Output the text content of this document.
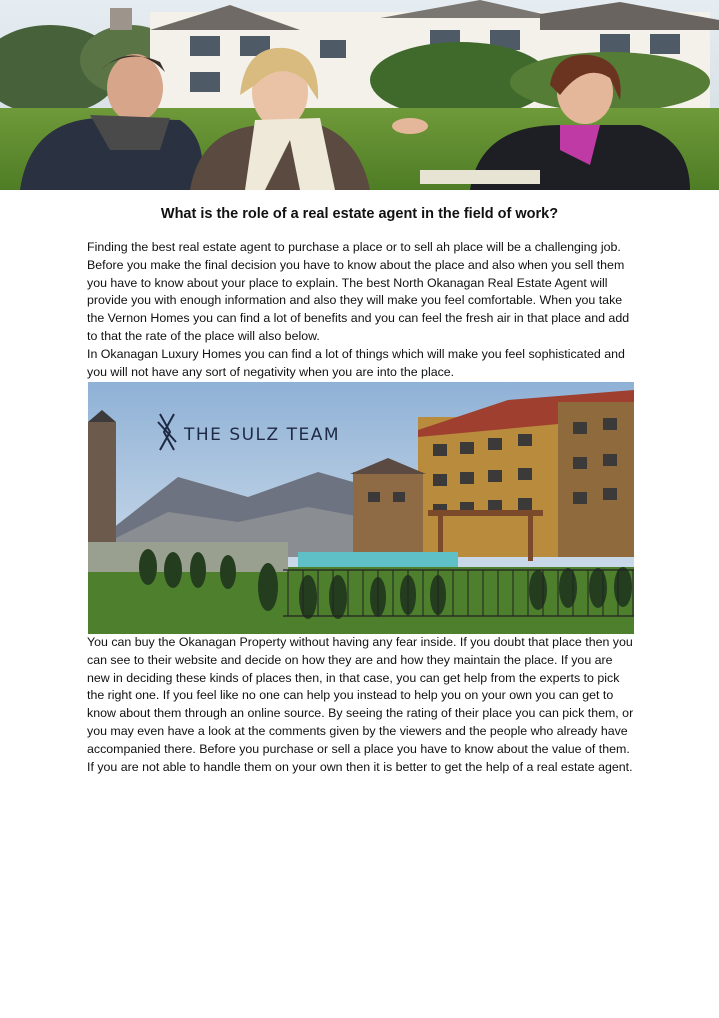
What is the role of a real estate agent in the field of work?

Finding the best real estate agent to purchase a place or to sell ah place will be a challenging job. Before you make the final decision you have to know about the place and also when you sell them you have to know about your place to explain. The best North Okanagan Real Estate Agent will provide you with enough information and also they will make you feel comfortable. When you take the Vernon Homes you can find a lot of benefits and you can feel the fresh air in that place and add to that the rate of the place will also below.

In Okanagan Luxury Homes you can find a lot of things which will make you feel sophisticated and you will not have any sort of negativity when you are into the place.

THE SULZ TEAM

You can buy the Okanagan Property without having any fear inside. If you doubt that place then you can see to their website and decide on how they are and how they maintain the place. If you are new in deciding these kinds of places then, in that case, you can get help from the experts to pick the right one. If you feel like no one can help you instead to help you on your own you can get to know about them through an online source. By seeing the rating of their place you can pick them, or you may even have a look at the comments given by the viewers and the people who already have accompanied there. Before you purchase or sell a place you have to know about the value of them. If you are not able to handle them on your own then it is better to get the help of a real estate agent.
